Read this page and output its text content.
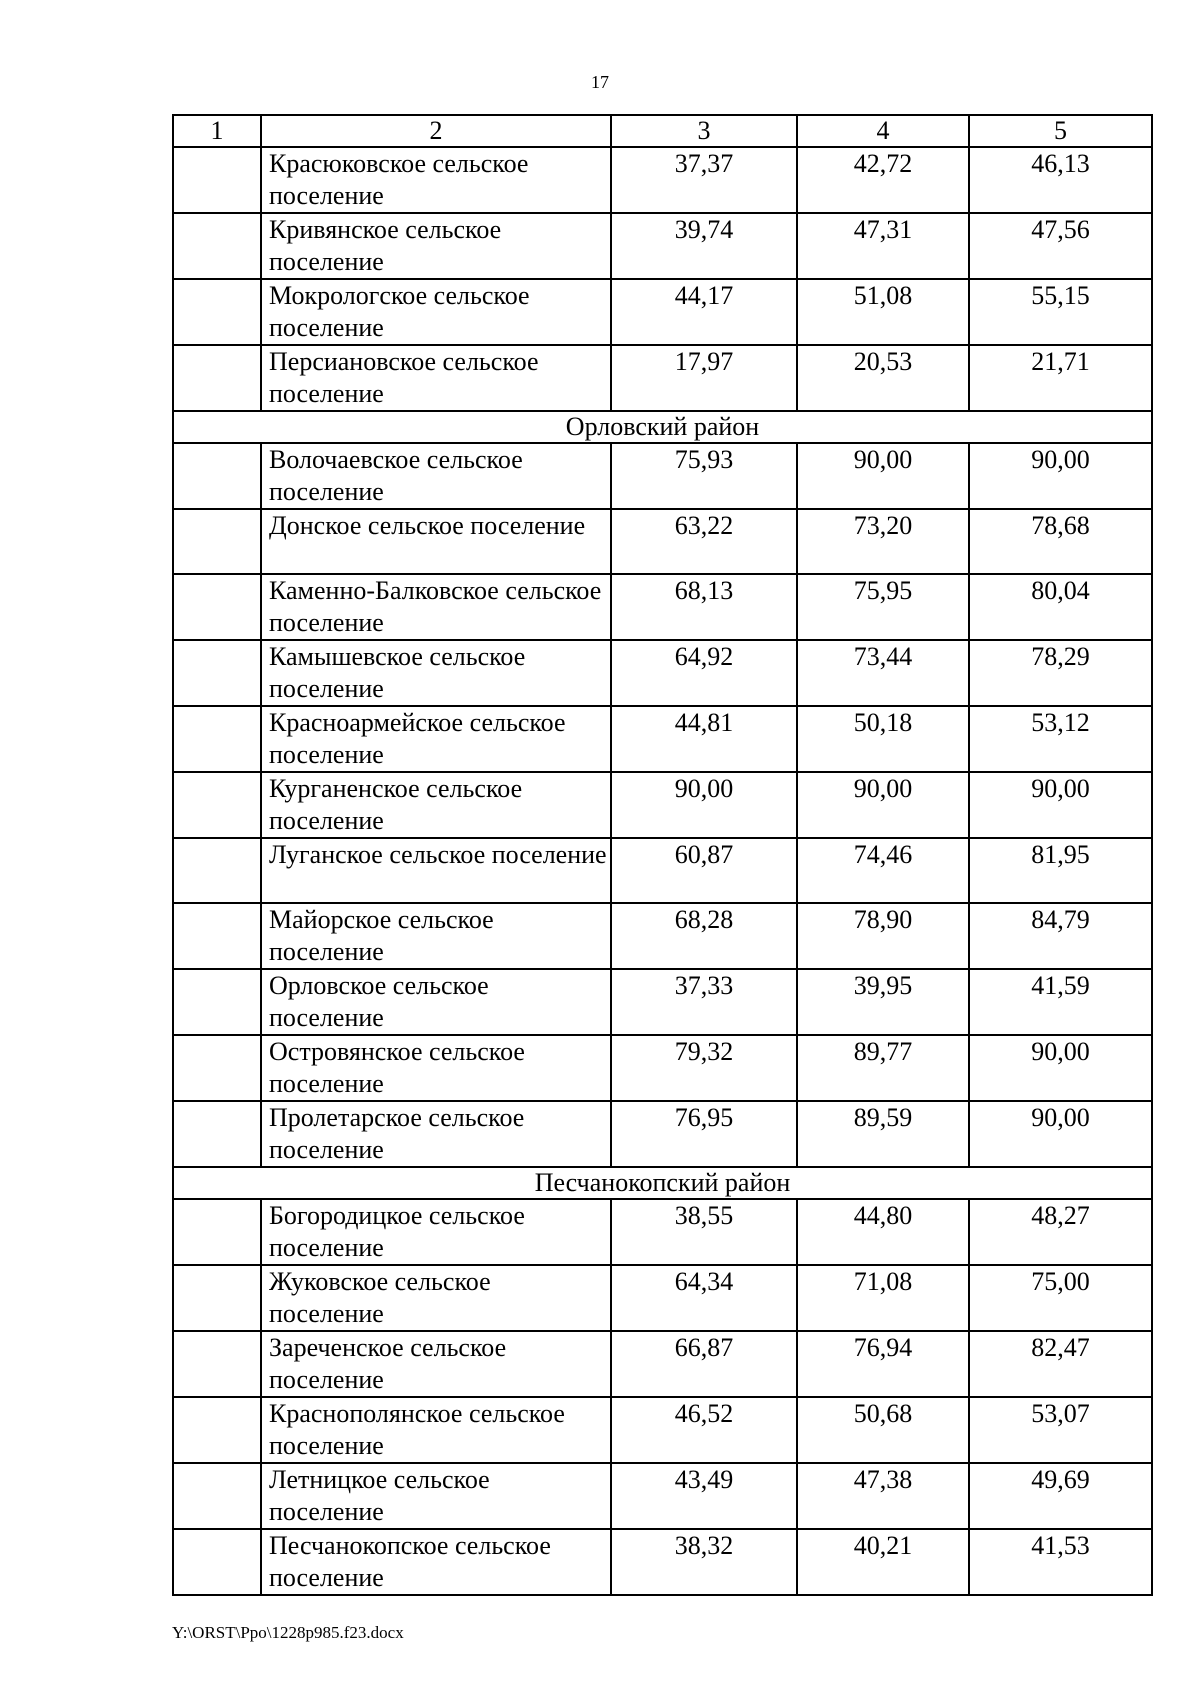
17
1	2	3	4	5
	Красюковское сельское поселение	37,37	42,72	46,13
	Кривянское сельское поселение	39,74	47,31	47,56
	Мокрологское сельское поселение	44,17	51,08	55,15
	Персиановское сельское поселение	17,97	20,53	21,71
Орловский район				
	Волочаевское сельское поселение	75,93	90,00	90,00
	Донское сельское поселение	63,22	73,20	78,68
	Каменно-Балковское сельское поселение	68,13	75,95	80,04
	Камышевское сельское поселение	64,92	73,44	78,29
	Красноармейское сельское поселение	44,81	50,18	53,12
	Курганенское сельское поселение	90,00	90,00	90,00
	Луганское сельское поселение	60,87	74,46	81,95
	Майорское сельское поселение	68,28	78,90	84,79
	Орловское сельское поселение	37,33	39,95	41,59
	Островянское сельское поселение	79,32	89,77	90,00
	Пролетарское сельское поселение	76,95	89,59	90,00
Песчанокопский район				
	Богородицкое сельское поселение	38,55	44,80	48,27
	Жуковское сельское поселение	64,34	71,08	75,00
	Зареченское сельское поселение	66,87	76,94	82,47
	Краснополянское сельское поселение	46,52	50,68	53,07
	Летницкое сельское поселение	43,49	47,38	49,69
	Песчанокопское сельское поселение	38,32	40,21	41,53
Y:\ORST\Ppo\1228p985.f23.docx
